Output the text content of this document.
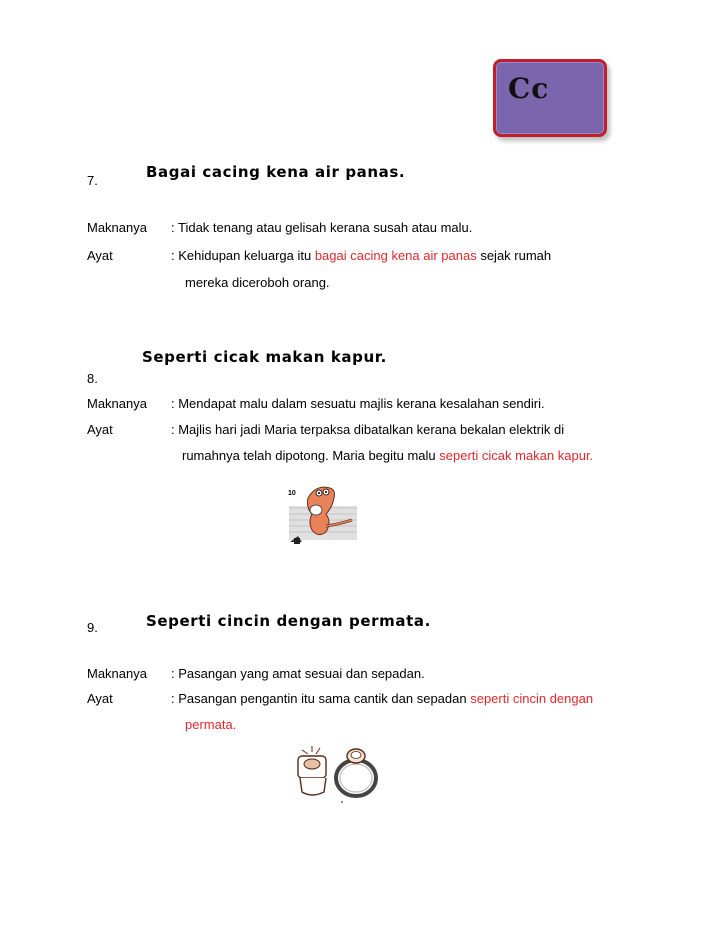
Cc
7.	Bagai cacing kena air panas.
Maknanya : Tidak tenang atau gelisah kerana susah atau malu.
Ayat	: Kehidupan keluarga itu bagai cacing kena air panas sejak rumah
mereka diceroboh orang.
Seperti cicak makan kapur.
8.
Maknanya : Mendapat malu dalam sesuatu majlis kerana kesalahan sendiri.
Ayat	: Majlis hari jadi Maria terpaksa dibatalkan kerana bekalan elektrik di
rumahnya telah dipotong. Maria begitu malu seperti cicak makan kapur.
10
9.	Seperti cincin dengan permata.
Maknanya : Pasangan yang amat sesuai dan sepadan.
Ayat	: Pasangan pengantin itu sama cantik dan sepadan seperti cincin dengan
permata.
